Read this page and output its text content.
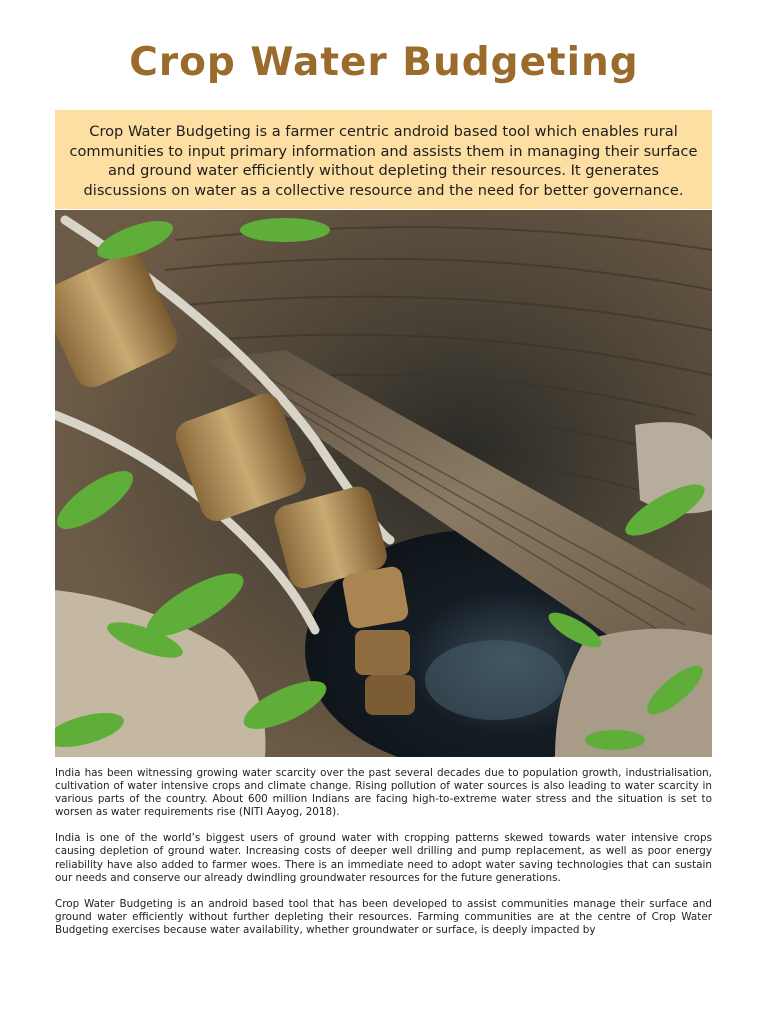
Crop Water Budgeting
Crop Water Budgeting is a farmer centric android based tool which enables rural communities to input primary information and assists them in managing their surface and ground water efficiently without depleting their resources. It generates discussions on water as a collective resource and the need for better governance.

India has been witnessing growing water scarcity over the past several decades due to population growth, industrialisation, cultivation of water intensive crops and climate change. Rising pollution of water sources is also leading to water scarcity in various parts of the country. About 600 million Indians are facing high-to-extreme water stress and the situation is set to worsen as water requirements rise (NITI Aayog, 2018).

India is one of the world’s biggest users of ground water with cropping patterns skewed towards water intensive crops causing depletion of ground water. Increasing costs of deeper well drilling and pump replacement, as well as poor energy reliability have also added to farmer woes. There is an immediate need to adopt water saving technologies that can sustain our needs and conserve our already dwindling groundwater resources for the future generations.

Crop Water Budgeting is an android based tool that has been developed to assist communities manage their surface and ground water efficiently without further depleting their resources. Farming communities are at the centre of Crop Water Budgeting exercises because water availability, whether groundwater or surface, is deeply impacted by
